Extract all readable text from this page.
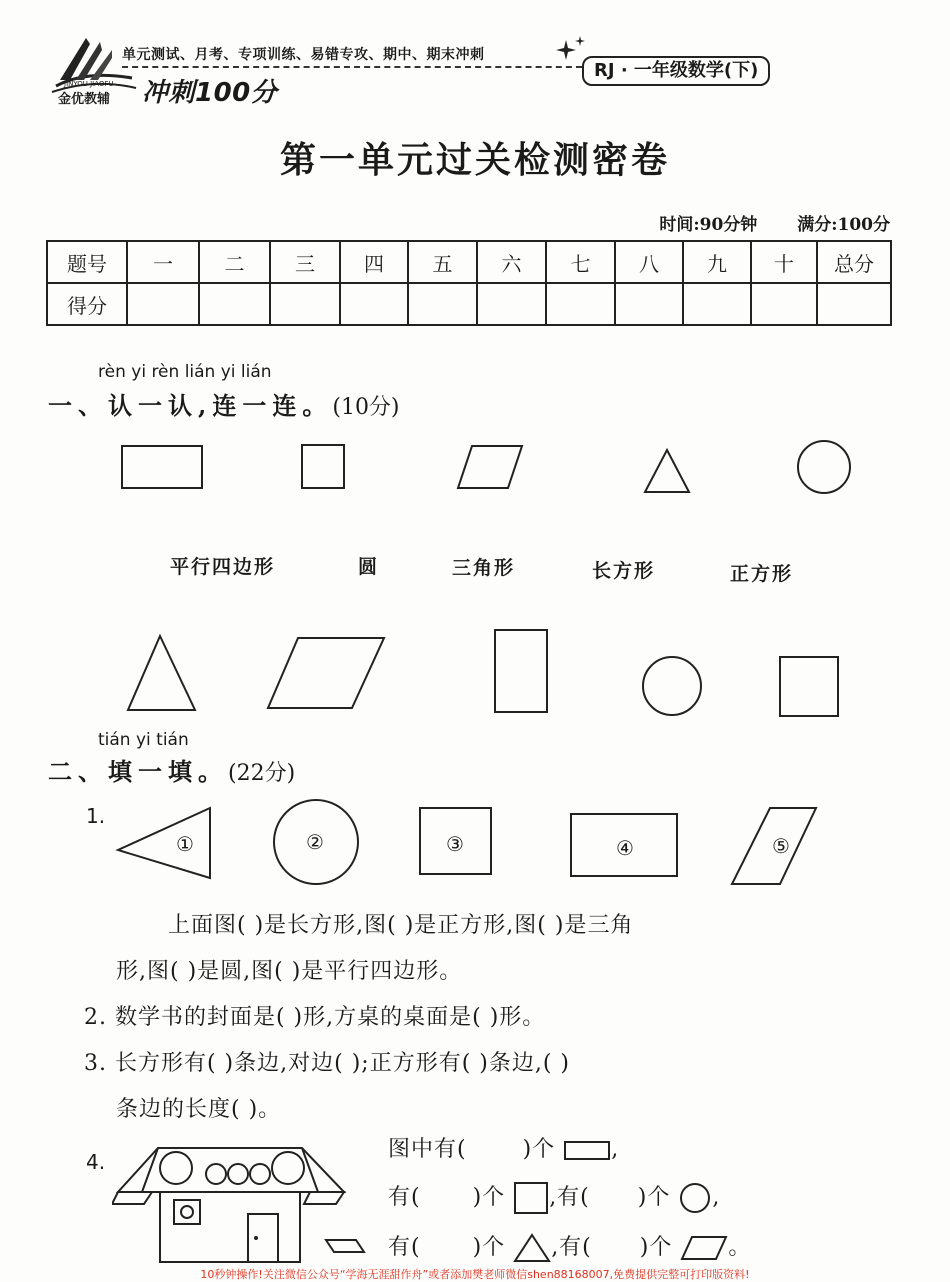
单元测试、月考、专项训练、易错专攻、期中、期末冲刺
RJ · 一年级数学(下)
冲刺100分
JINYOU JIAOFU
金优教辅
第一单元过关检测密卷
时间:90分钟 满分:100分
题号	一	二	三	四	五	六	七	八	九	十	总分
得分											
rèn yi rèn lián yi lián
一、认一认,连一连。(10分)
平行四边形	圆	三角形	长方形	正方形
tián yi tián
二、填一填。(22分)
1.
①	②	③	④	⑤
上面图( )是长方形,图( )是正方形,图( )是三角
形,图( )是圆,图( )是平行四边形。
2. 数学书的封面是( )形,方桌的桌面是( )形。
3. 长方形有( )条边,对边( );正方形有( )条边,( )
条边的长度( )。
4.	图中有(	)个	,
有( )个 ,有( )个 ,
有( )个 ,有( )个	。
10秒钟操作!关注微信公众号“学海无涯甜作舟”或者添加樊老师微信shen88168007,免费提供完整可打印版资料!
